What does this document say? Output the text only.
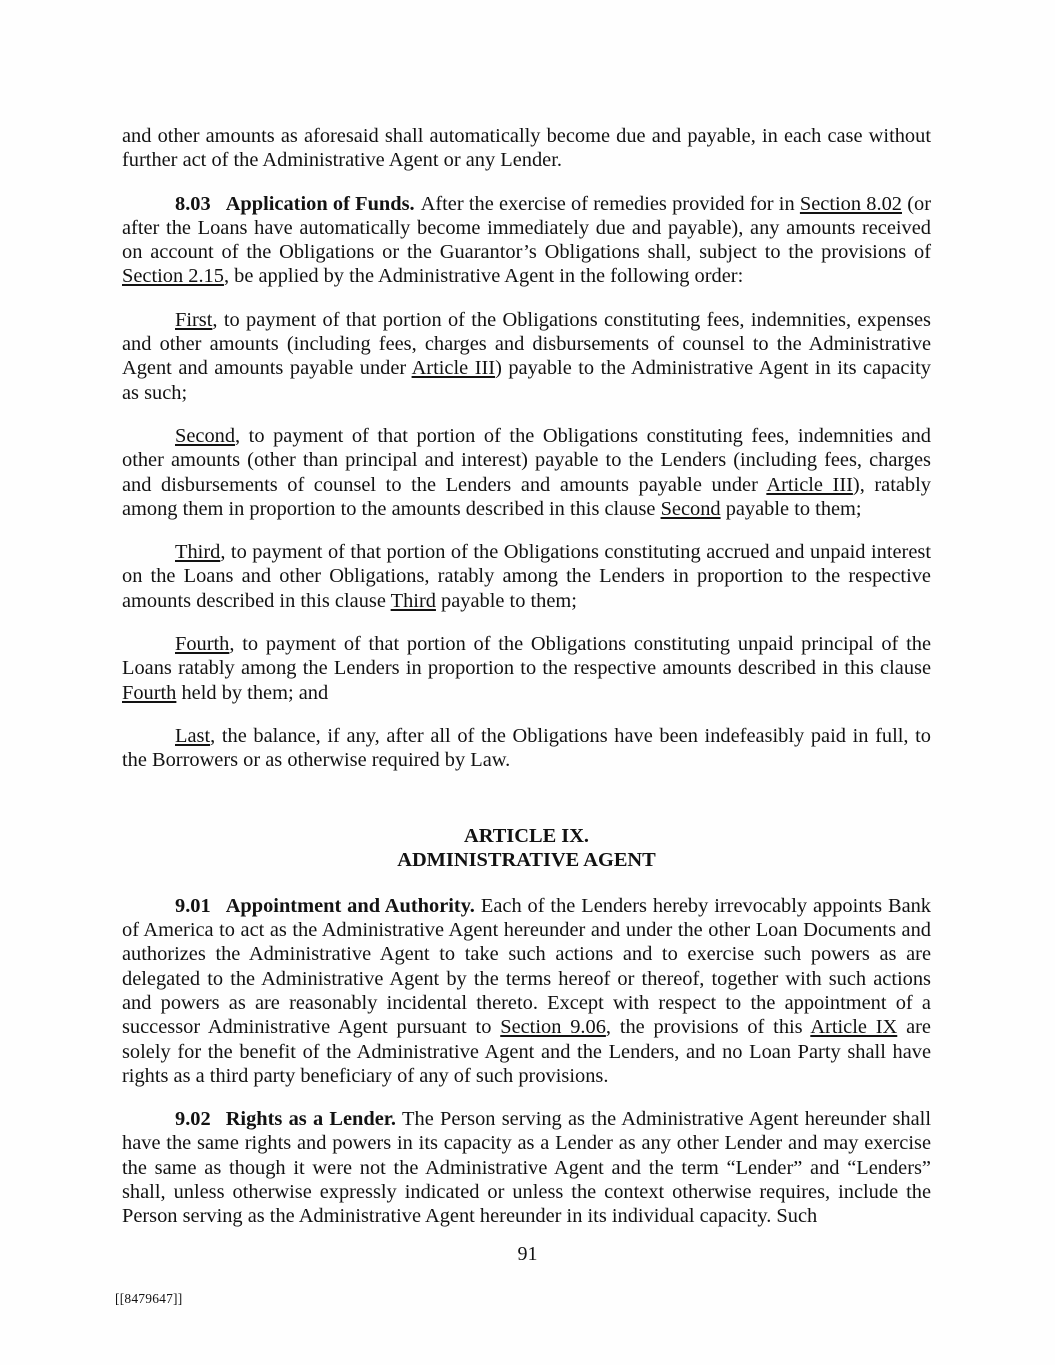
and other amounts as aforesaid shall automatically become due and payable, in each case without further act of the Administrative Agent or any Lender.

8.03 Application of Funds. After the exercise of remedies provided for in Section 8.02 (or after the Loans have automatically become immediately due and payable), any amounts received on account of the Obligations or the Guarantor’s Obligations shall, subject to the provisions of Section 2.15, be applied by the Administrative Agent in the following order:

First, to payment of that portion of the Obligations constituting fees, indemnities, expenses and other amounts (including fees, charges and disbursements of counsel to the Administrative Agent and amounts payable under Article III) payable to the Administrative Agent in its capacity as such;

Second, to payment of that portion of the Obligations constituting fees, indemnities and other amounts (other than principal and interest) payable to the Lenders (including fees, charges and disbursements of counsel to the Lenders and amounts payable under Article III), ratably among them in proportion to the amounts described in this clause Second payable to them;

Third, to payment of that portion of the Obligations constituting accrued and unpaid interest on the Loans and other Obligations, ratably among the Lenders in proportion to the respective amounts described in this clause Third payable to them;

Fourth, to payment of that portion of the Obligations constituting unpaid principal of the Loans ratably among the Lenders in proportion to the respective amounts described in this clause Fourth held by them; and

Last, the balance, if any, after all of the Obligations have been indefeasibly paid in full, to the Borrowers or as otherwise required by Law.

ARTICLE IX.
ADMINISTRATIVE AGENT

9.01 Appointment and Authority. Each of the Lenders hereby irrevocably appoints Bank of America to act as the Administrative Agent hereunder and under the other Loan Documents and authorizes the Administrative Agent to take such actions and to exercise such powers as are delegated to the Administrative Agent by the terms hereof or thereof, together with such actions and powers as are reasonably incidental thereto. Except with respect to the appointment of a successor Administrative Agent pursuant to Section 9.06, the provisions of this Article IX are solely for the benefit of the Administrative Agent and the Lenders, and no Loan Party shall have rights as a third party beneficiary of any of such provisions.

9.02 Rights as a Lender. The Person serving as the Administrative Agent hereunder shall have the same rights and powers in its capacity as a Lender as any other Lender and may exercise the same as though it were not the Administrative Agent and the term “Lender” and “Lenders” shall, unless otherwise expressly indicated or unless the context otherwise requires, include the Person serving as the Administrative Agent hereunder in its individual capacity. Such

91
[[8479647]]
